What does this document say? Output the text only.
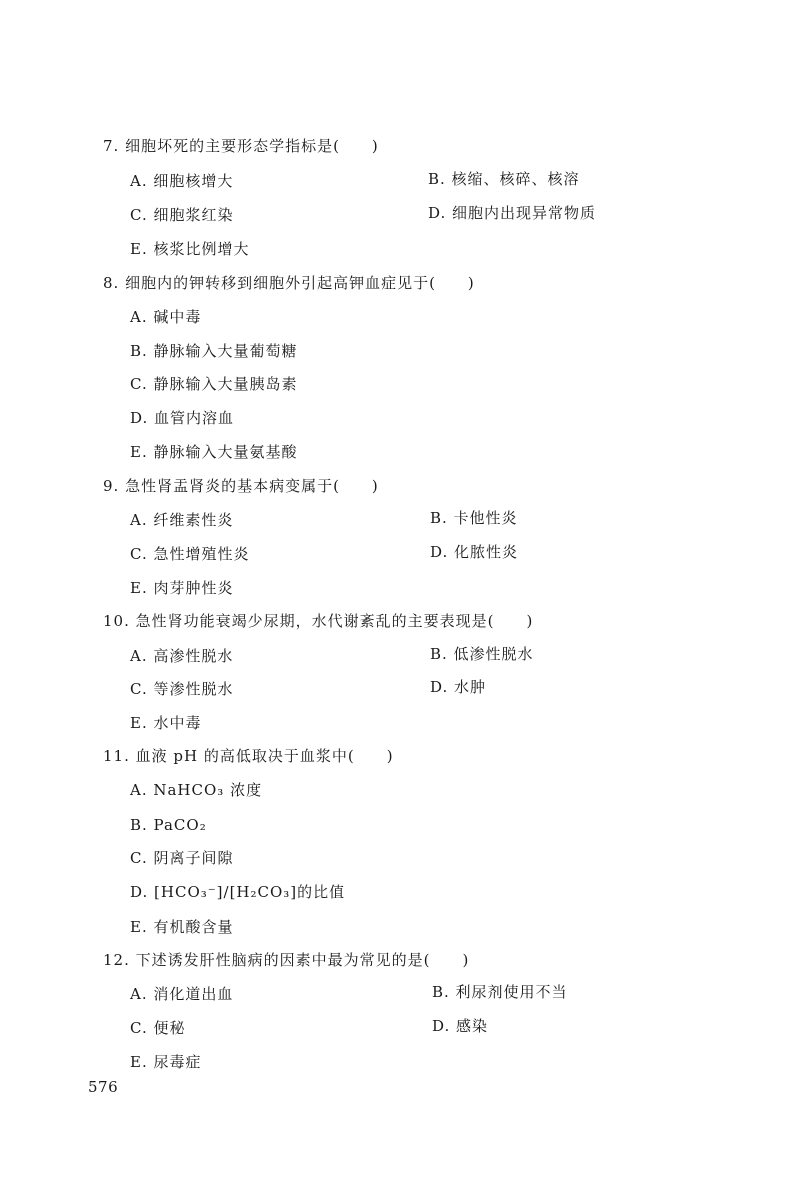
7. 细胞坏死的主要形态学指标是(　　)
A. 细胞核增大	B. 核缩、核碎、核溶
C. 细胞浆红染	D. 细胞内出现异常物质
E. 核浆比例增大
8. 细胞内的钾转移到细胞外引起高钾血症见于(　　)
A. 碱中毒
B. 静脉输入大量葡萄糖
C. 静脉输入大量胰岛素
D. 血管内溶血
E. 静脉输入大量氨基酸
9. 急性肾盂肾炎的基本病变属于(　　)
A. 纤维素性炎	B. 卡他性炎
C. 急性增殖性炎	D. 化脓性炎
E. 肉芽肿性炎
10. 急性肾功能衰竭少尿期，水代谢紊乱的主要表现是(　　)
A. 高渗性脱水	B. 低渗性脱水
C. 等渗性脱水	D. 水肿
E. 水中毒
11. 血液 pH 的高低取决于血浆中(　　)
A. NaHCO₃ 浓度
B. PaCO₂
C. 阴离子间隙
D. [HCO₃⁻]/[H₂CO₃]的比值
E. 有机酸含量
12. 下述诱发肝性脑病的因素中最为常见的是(　　)
A. 消化道出血	B. 利尿剂使用不当
C. 便秘	D. 感染
E. 尿毒症
576
